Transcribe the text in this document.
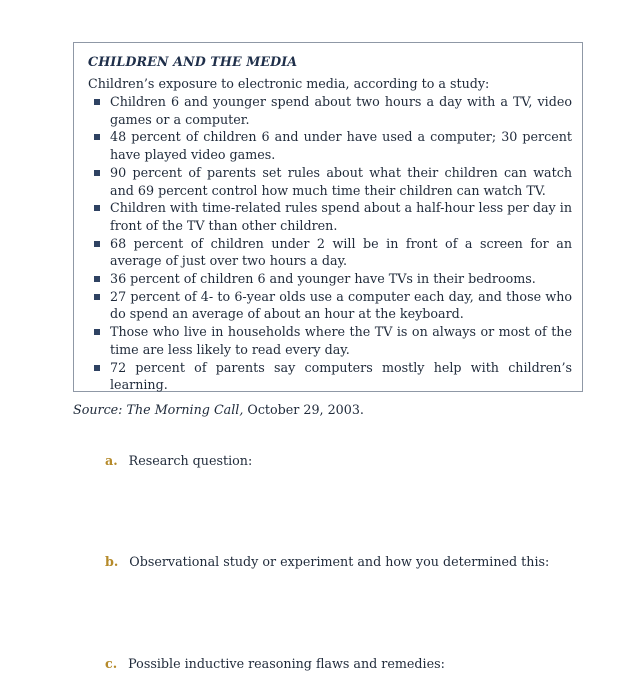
CHILDREN AND THE MEDIA
Children’s exposure to electronic media, according to a study:
Children 6 and younger spend about two hours a day with a TV, video games or a computer.
48 percent of children 6 and under have used a computer; 30 percent have played video games.
90 percent of parents set rules about what their children can watch and 69 percent control how much time their children can watch TV.
Children with time-related rules spend about a half-hour less per day in front of the TV than other children.
68 percent of children under 2 will be in front of a screen for an average of just over two hours a day.
36 percent of children 6 and younger have TVs in their bedrooms.
27 percent of 4- to 6-year olds use a computer each day, and those who do spend an average of about an hour at the keyboard.
Those who live in households where the TV is on always or most of the time are less likely to read every day.
72 percent of parents say computers mostly help with children’s learning.
Source: The Morning Call, October 29, 2003.
a. Research question:
b. Observational study or experiment and how you determined this:
c. Possible inductive reasoning flaws and remedies:
